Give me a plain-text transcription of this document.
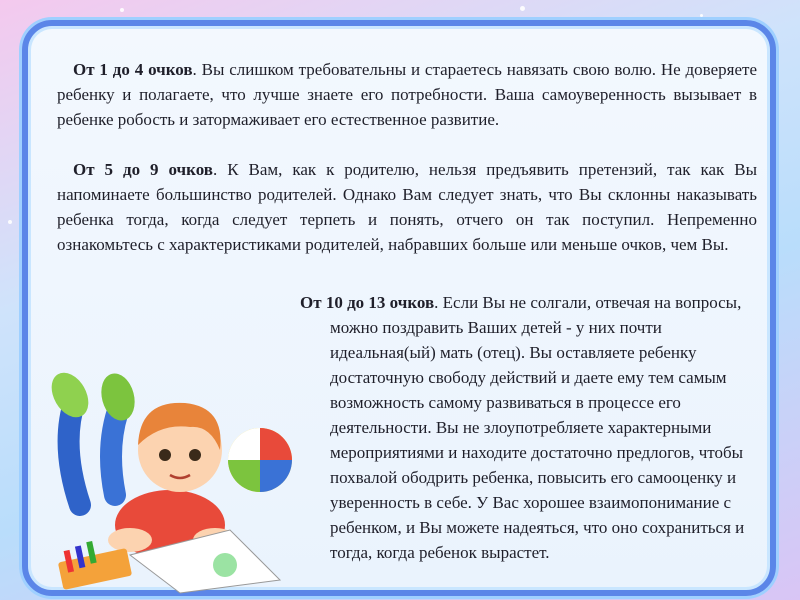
От 1 до 4 очков. Вы слишком требовательны и стараетесь навязать свою волю. Не доверяете ребенку и полагаете, что лучше знаете его потребности. Ваша самоуверенность вызывает в ребенке робость и затормаживает его естественное развитие.

От 5 до 9 очков. К Вам, как к родителю, нельзя предъявить претензий, так как Вы напоминаете большинство родителей. Однако Вам следует знать, что Вы склонны наказывать ребенка тогда, когда следует терпеть и понять, отчего он так поступил. Непременно ознакомьтесь с характеристиками родителей, набравших больше или меньше очков, чем Вы.

От 10 до 13 очков. Если Вы не солгали, отвечая на вопросы, можно поздравить Ваших детей - у них почти идеальная(ый) мать (отец). Вы оставляете ребенку достаточную свободу действий и даете ему тем самым возможность самому развиваться в процессе его деятельности. Вы не злоупотребляете характерными мероприятиями и находите достаточно предлогов, чтобы похвалой ободрить ребенка, повысить его самооценку и уверенность в себе. У Вас хорошее взаимопонимание с ребенком, и Вы можете надеяться, что оно сохраниться и тогда, когда ребенок вырастет.
